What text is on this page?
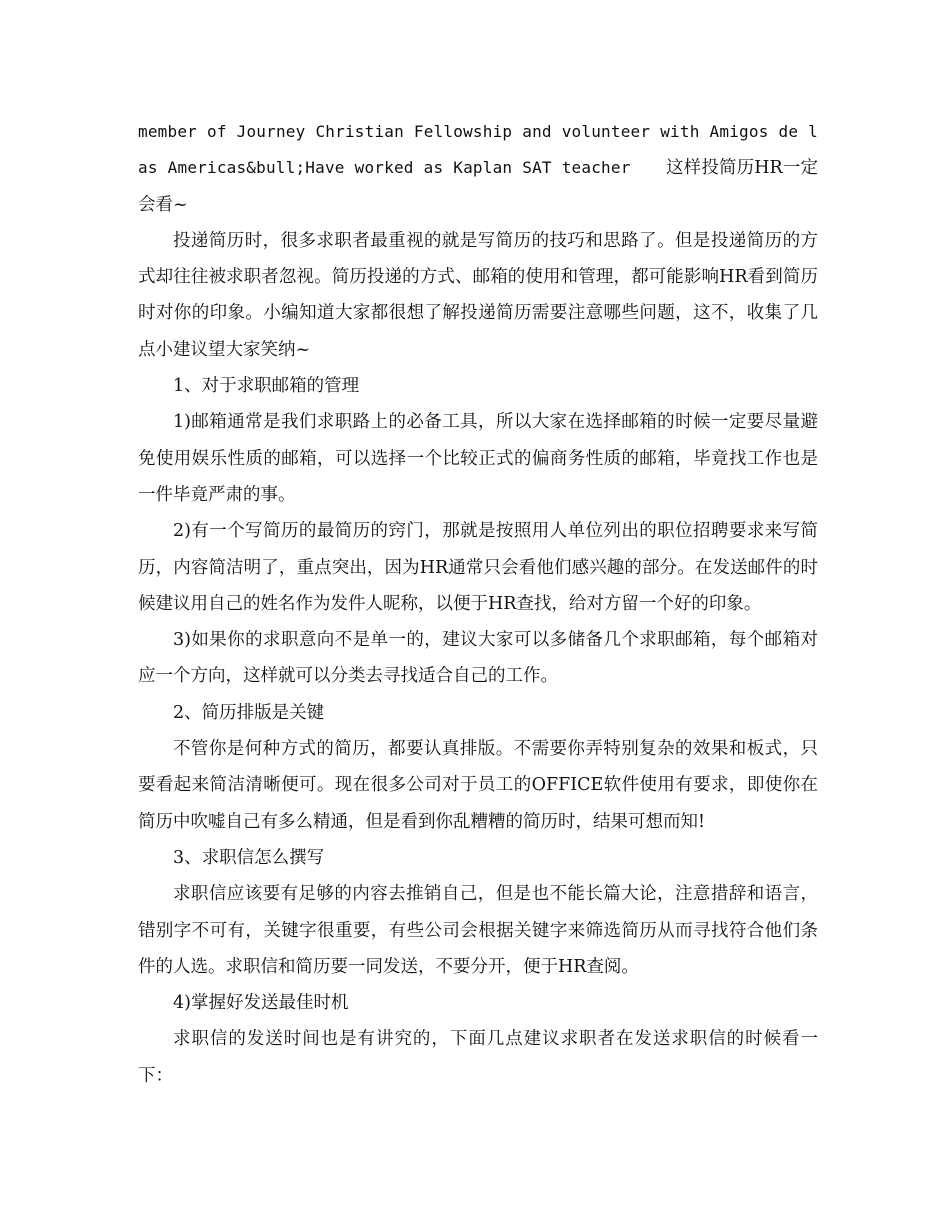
member of Journey Christian Fellowship and volunteer with Amigos de las Americas&bull;Have worked as Kaplan SAT teacher　　这样投简历HR一定会看~

投递简历时，很多求职者最重视的就是写简历的技巧和思路了。但是投递简历的方式却往往被求职者忽视。简历投递的方式、邮箱的使用和管理，都可能影响HR看到简历时对你的印象。小编知道大家都很想了解投递简历需要注意哪些问题，这不，收集了几点小建议望大家笑纳~

1、对于求职邮箱的管理

1)邮箱通常是我们求职路上的必备工具，所以大家在选择邮箱的时候一定要尽量避免使用娱乐性质的邮箱，可以选择一个比较正式的偏商务性质的邮箱，毕竟找工作也是一件毕竟严肃的事。

2)有一个写简历的最简历的窍门，那就是按照用人单位列出的职位招聘要求来写简历，内容简洁明了，重点突出，因为HR通常只会看他们感兴趣的部分。在发送邮件的时候建议用自己的姓名作为发件人昵称，以便于HR查找，给对方留一个好的印象。

3)如果你的求职意向不是单一的，建议大家可以多储备几个求职邮箱，每个邮箱对应一个方向，这样就可以分类去寻找适合自己的工作。

2、简历排版是关键

不管你是何种方式的简历，都要认真排版。不需要你弄特别复杂的效果和板式，只要看起来简洁清晰便可。现在很多公司对于员工的OFFICE软件使用有要求，即使你在简历中吹嘘自己有多么精通，但是看到你乱糟糟的简历时，结果可想而知!

3、求职信怎么撰写

求职信应该要有足够的内容去推销自己，但是也不能长篇大论，注意措辞和语言，错别字不可有，关键字很重要，有些公司会根据关键字来筛选简历从而寻找符合他们条件的人选。求职信和简历要一同发送，不要分开，便于HR查阅。

4)掌握好发送最佳时机

求职信的发送时间也是有讲究的，下面几点建议求职者在发送求职信的时候看一下：
